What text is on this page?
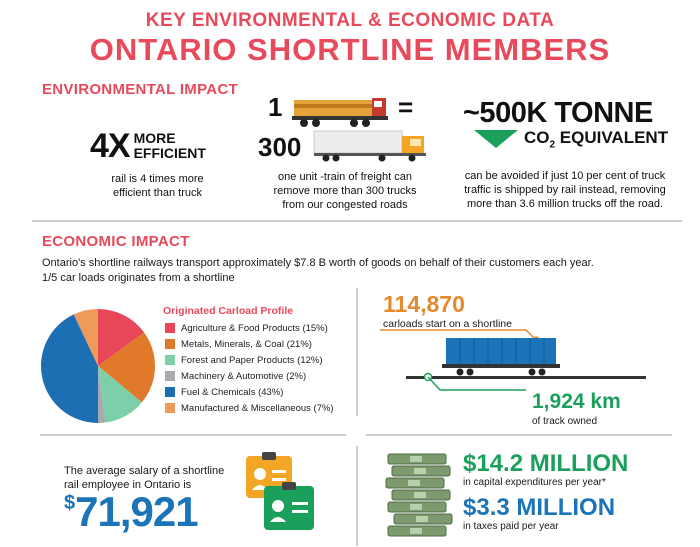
KEY ENVIRONMENTAL & ECONOMIC DATA
ONTARIO SHORTLINE MEMBERS
ENVIRONMENTAL IMPACT
4X MORE
EFFICIENT
rail is 4 times more
efficient than truck
1	=
300
one unit -train of freight can
remove more than 300 trucks
from our congested roads
~500K TONNE
$CO_2$ EQUIVALENT
can be avoided if just 10 per cent of truck
traffic is shipped by rail instead, removing
more than 3.6 million trucks off the road.
ECONOMIC IMPACT
Ontario's shortline railways transport approximately $7.8 B worth of goods on behalf of their customers each year.
1/5 car loads originates from a shortline
Originated Carload Profile
Agriculture & Food Products (15%)
Metals, Minerals, & Coal (21%)
Forest and Paper Products (12%)
Machinery & Automotive (2%)
Fuel & Chemicals (43%)
Manufactured & Miscellaneous (7%)
114,870
carloads start on a shortline
1,924 km
of track owned
The average salary of a shortline
rail employee in Ontario is
$ 71,921
$14.2 MILLION
in capital expenditures per year*
$3.3 MILLION
in taxes paid per year
